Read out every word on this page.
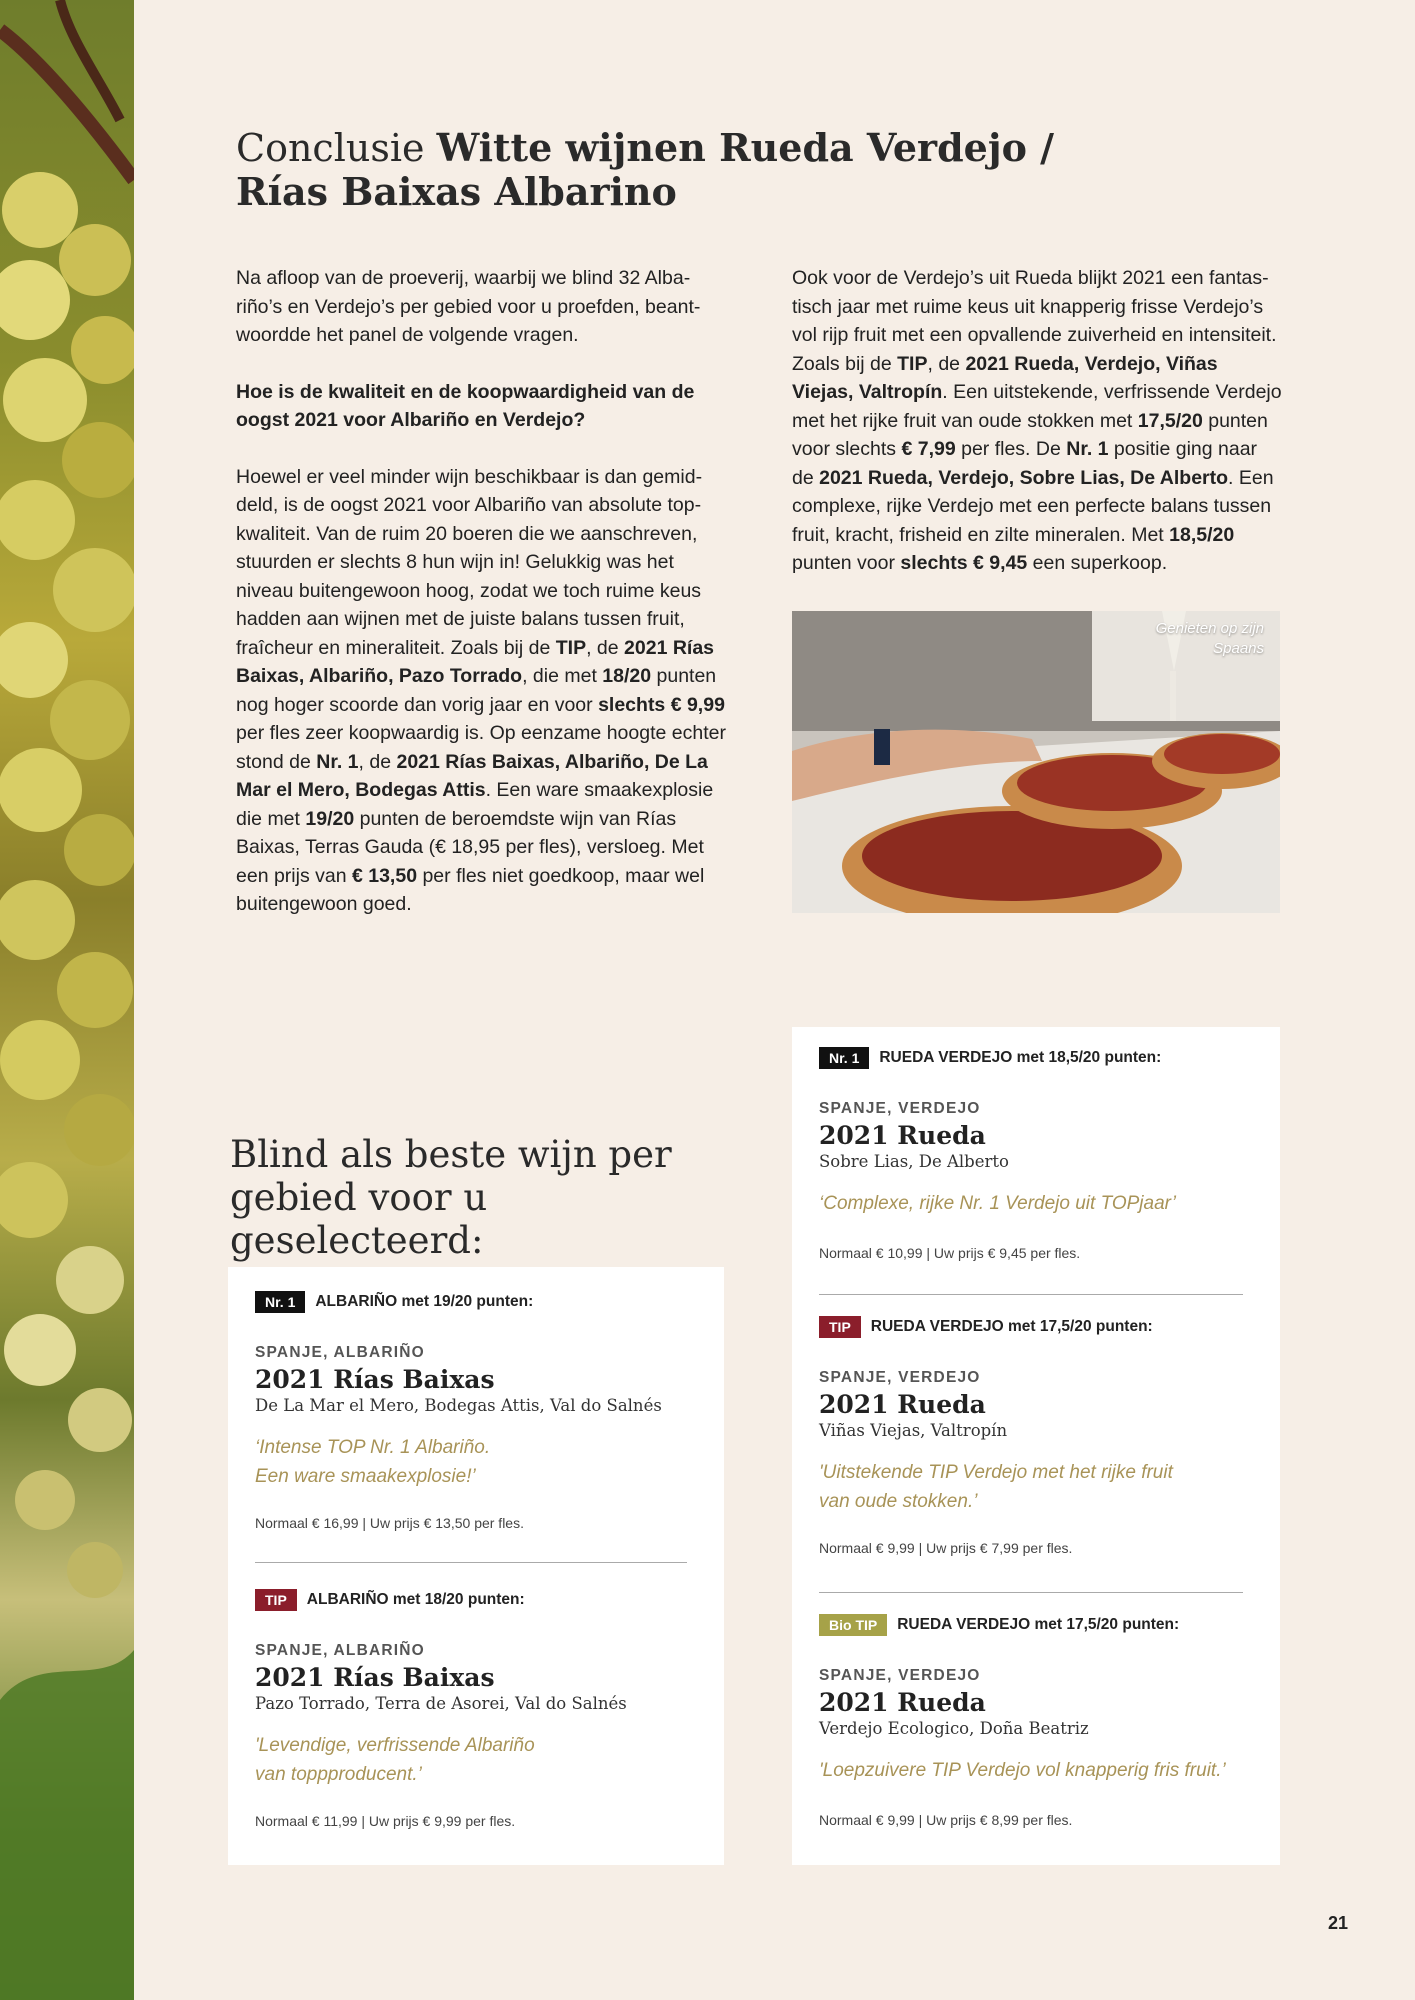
Conclusie Witte wijnen Rueda Verdejo /
Rías Baixas Albarino

Na afloop van de proeverij, waarbij we blind 32 Albariño’s en Verdejo’s per gebied voor u proefden, beantwoordde het panel de volgende vragen.

Hoe is de kwaliteit en de koopwaardigheid van de oogst 2021 voor Albariño en Verdejo?

Hoewel er veel minder wijn beschikbaar is dan gemiddeld, is de oogst 2021 voor Albariño van absolute topkwaliteit. Van de ruim 20 boeren die we aanschreven, stuurden er slechts 8 hun wijn in! Gelukkig was het niveau buitengewoon hoog, zodat we toch ruime keus hadden aan wijnen met de juiste balans tussen fruit, fraîcheur en mineraliteit. Zoals bij de TIP, de 2021 Rías Baixas, Albariño, Pazo Torrado, die met 18/20 punten nog hoger scoorde dan vorig jaar en voor slechts € 9,99 per fles zeer koopwaardig is. Op eenzame hoogte echter stond de Nr. 1, de 2021 Rías Baixas, Albariño, De La Mar el Mero, Bodegas Attis. Een ware smaakexplosie die met 19/20 punten de beroemdste wijn van Rías Baixas, Terras Gauda (€ 18,95 per fles), versloeg. Met een prijs van € 13,50 per fles niet goedkoop, maar wel buitengewoon goed.

Ook voor de Verdejo’s uit Rueda blijkt 2021 een fantastisch jaar met ruime keus uit knapperig frisse Verdejo’s vol rijp fruit met een opvallende zuiverheid en intensiteit. Zoals bij de TIP, de 2021 Rueda, Verdejo, Viñas Viejas, Valtropín. Een uitstekende, verfrissende Verdejo met het rijke fruit van oude stokken met 17,5/20 punten voor slechts € 7,99 per fles. De Nr. 1 positie ging naar de 2021 Rueda, Verdejo, Sobre Lias, De Alberto. Een complexe, rijke Verdejo met een perfecte balans tussen fruit, kracht, frisheid en zilte mineralen. Met 18,5/20 punten voor slechts € 9,45 een superkoop.

Genieten op zijn
Spaans
Blind als beste wijn per
gebied voor u geselecteerd:
Nr. 1	ALBARIÑO met 19/20 punten:
SPANJE, ALBARIÑO
2021 Rías Baixas
De La Mar el Mero, Bodegas Attis, Val do Salnés
‘Intense TOP Nr. 1 Albariño.
Een ware smaakexplosie!’
Normaal € 16,99 | Uw prijs € 13,50 per fles.
TIP	ALBARIÑO met 18/20 punten:
SPANJE, ALBARIÑO
2021 Rías Baixas
Pazo Torrado, Terra de Asorei, Val do Salnés
'Levendige, verfrissende Albariño
van toppproducent.’
Normaal € 11,99 | Uw prijs € 9,99 per fles.
Nr. 1	RUEDA VERDEJO met 18,5/20 punten:
SPANJE, VERDEJO
2021 Rueda
Sobre Lias, De Alberto
‘Complexe, rijke Nr. 1 Verdejo uit TOPjaar’
Normaal € 10,99 | Uw prijs € 9,45 per fles.
TIP	RUEDA VERDEJO met 17,5/20 punten:
SPANJE, VERDEJO
2021 Rueda
Viñas Viejas, Valtropín
'Uitstekende TIP Verdejo met het rijke fruit
van oude stokken.’
Normaal € 9,99 | Uw prijs € 7,99 per fles.
Bio TIP	RUEDA VERDEJO met 17,5/20 punten:
SPANJE, VERDEJO
2021 Rueda
Verdejo Ecologico, Doña Beatriz
'Loepzuivere TIP Verdejo vol knapperig fris fruit.’
Normaal € 9,99 | Uw prijs € 8,99 per fles.
21
